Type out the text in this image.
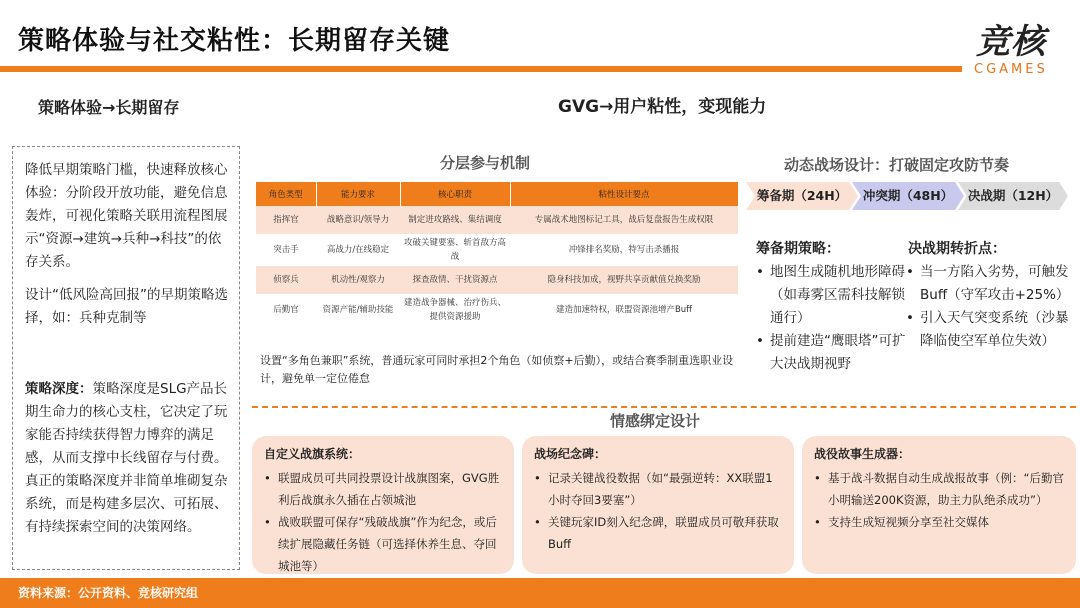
策略体验与社交粘性：长期留存关键	竞核
CGAMES
策略体验→长期留存	GVG→用户粘性，变现能力

降低早期策略门槛，快速释放核心体验：分阶段开放功能，避免信息轰炸，可视化策略关联用流程图展示“资源→建筑→兵种→科技”的依存关系。

设计“低风险高回报”的早期策略选择，如：兵种克制等

策略深度：策略深度是SLG产品长期生命力的核心支柱，它决定了玩家能否持续获得智力博弈的满足感，从而支撑中长线留存与付费。真正的策略深度并非简单堆砌复杂系统，而是构建多层次、可拓展、有持续探索空间的决策网络。

分层参与机制
角色类型	能力要求	核心职责	粘性设计要点
指挥官	战略意识/领导力	制定进攻路线、集结调度	专属战术地图标记工具，战后复盘报告生成权限
突击手	高战力/在线稳定	攻破关键要塞、斩首敌方高战	冲锋排名奖励，特写击杀播报
侦察兵	机动性/观察力	探查敌情、干扰资源点	隐身科技加成，视野共享贡献值兑换奖励
后勤官	资源产能/辅助技能	建造战争器械、治疗伤兵、提供资源援助	建造加速特权，联盟资源池增产Buff
设置“多角色兼职”系统，普通玩家可同时承担2个角色（如侦察+后勤），或结合赛季制重选职业设计，避免单一定位倦怠
动态战场设计：打破固定攻防节奏
筹备期（24H）	冲突期（48H）	决战期（12H）
筹备期策略：
• 地图生成随机地形障碍（如毒雾区需科技解锁通行）
• 提前建造“鹰眼塔”可扩大决战期视野
决战期转折点：
• 当一方陷入劣势，可触发Buff（守军攻击+25%）
• 引入天气突变系统（沙暴降临使空军单位失效）
情感绑定设计
自定义战旗系统：
• 联盟成员可共同投票设计战旗图案，GVG胜利后战旗永久插在占领城池
• 战败联盟可保存“残破战旗”作为纪念，或后续扩展隐藏任务链（可选择休养生息、夺回城池等）
战场纪念碑：
• 记录关键战役数据（如“最强逆转：XX联盟1小时夺回3要塞”）
• 关键玩家ID刻入纪念碑，联盟成员可敬拜获取Buff
战役故事生成器：
• 基于战斗数据自动生成战报故事（例：“后勤官小明输送200K资源，助主力队绝杀成功”）
• 支持生成短视频分享至社交媒体
资料来源：公开资料、竞核研究组
